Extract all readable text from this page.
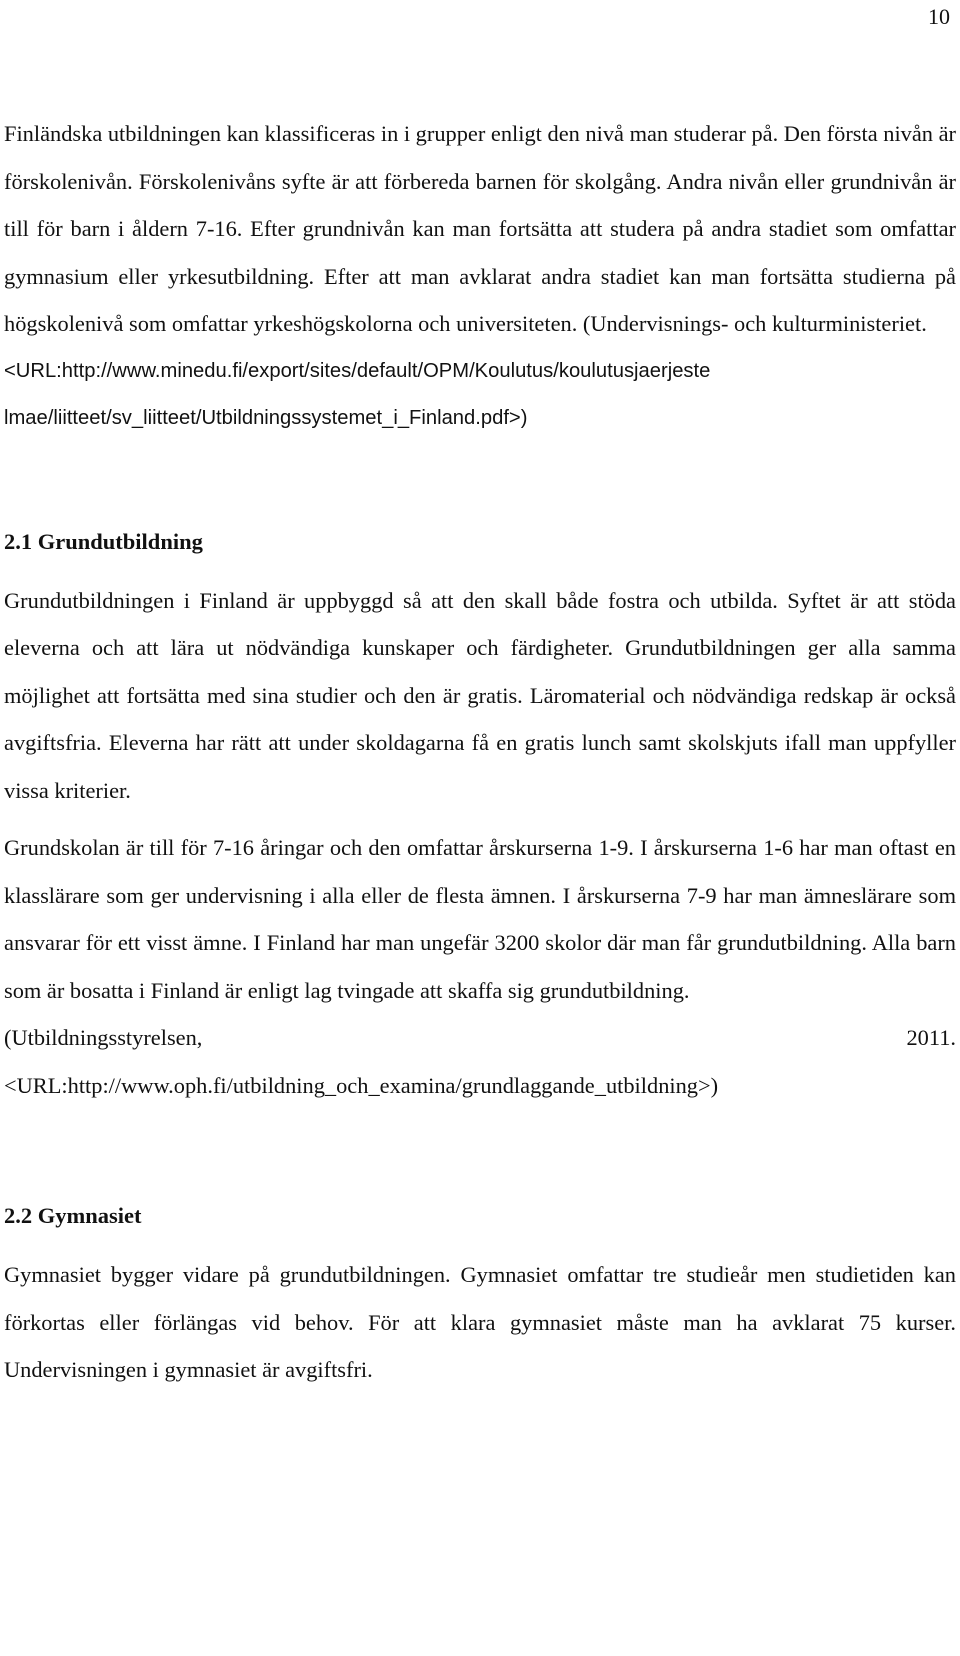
10

Finländska utbildningen kan klassificeras in i grupper enligt den nivå man studerar på. Den första nivån är förskolenivån. Förskolenivåns syfte är att förbereda barnen för skolgång. Andra nivån eller grundnivån är till för barn i åldern 7-16. Efter grundnivån kan man fortsätta att studera på andra stadiet som omfattar gymnasium eller yrkesutbildning. Efter att man avklarat andra stadiet kan man fortsätta studierna på högskolenivå som omfattar yrkeshögskolorna och universiteten. (Undervisnings- och kulturministeriet.
<URL:http://www.minedu.fi/export/sites/default/OPM/Koulutus/koulutusjaerjeste
lmae/liitteet/sv_liitteet/Utbildningssystemet_i_Finland.pdf>)

2.1 Grundutbildning

Grundutbildningen i Finland är uppbyggd så att den skall både fostra och utbilda. Syftet är att stöda eleverna och att lära ut nödvändiga kunskaper och färdigheter. Grundutbildningen ger alla samma möjlighet att fortsätta med sina studier och den är gratis. Läromaterial och nödvändiga redskap är också avgiftsfria. Eleverna har rätt att under skoldagarna få en gratis lunch samt skolskjuts ifall man uppfyller vissa kriterier.

Grundskolan är till för 7-16 åringar och den omfattar årskurserna 1-9. I årskurserna 1-6 har man oftast en klasslärare som ger undervisning i alla eller de flesta ämnen. I årskurserna 7-9 har man ämneslärare som ansvarar för ett visst ämne. I Finland har man ungefär 3200 skolor där man får grundutbildning. Alla barn som är bosatta i Finland är enligt lag tvingade att skaffa sig grundutbildning.
(Utbildningsstyrelsen, 2011.
<URL:http://www.oph.fi/utbildning_och_examina/grundlaggande_utbildning>)

2.2 Gymnasiet

Gymnasiet bygger vidare på grundutbildningen. Gymnasiet omfattar tre studieår men studietiden kan förkortas eller förlängas vid behov. För att klara gymnasiet måste man ha avklarat 75 kurser. Undervisningen i gymnasiet är avgiftsfri.
